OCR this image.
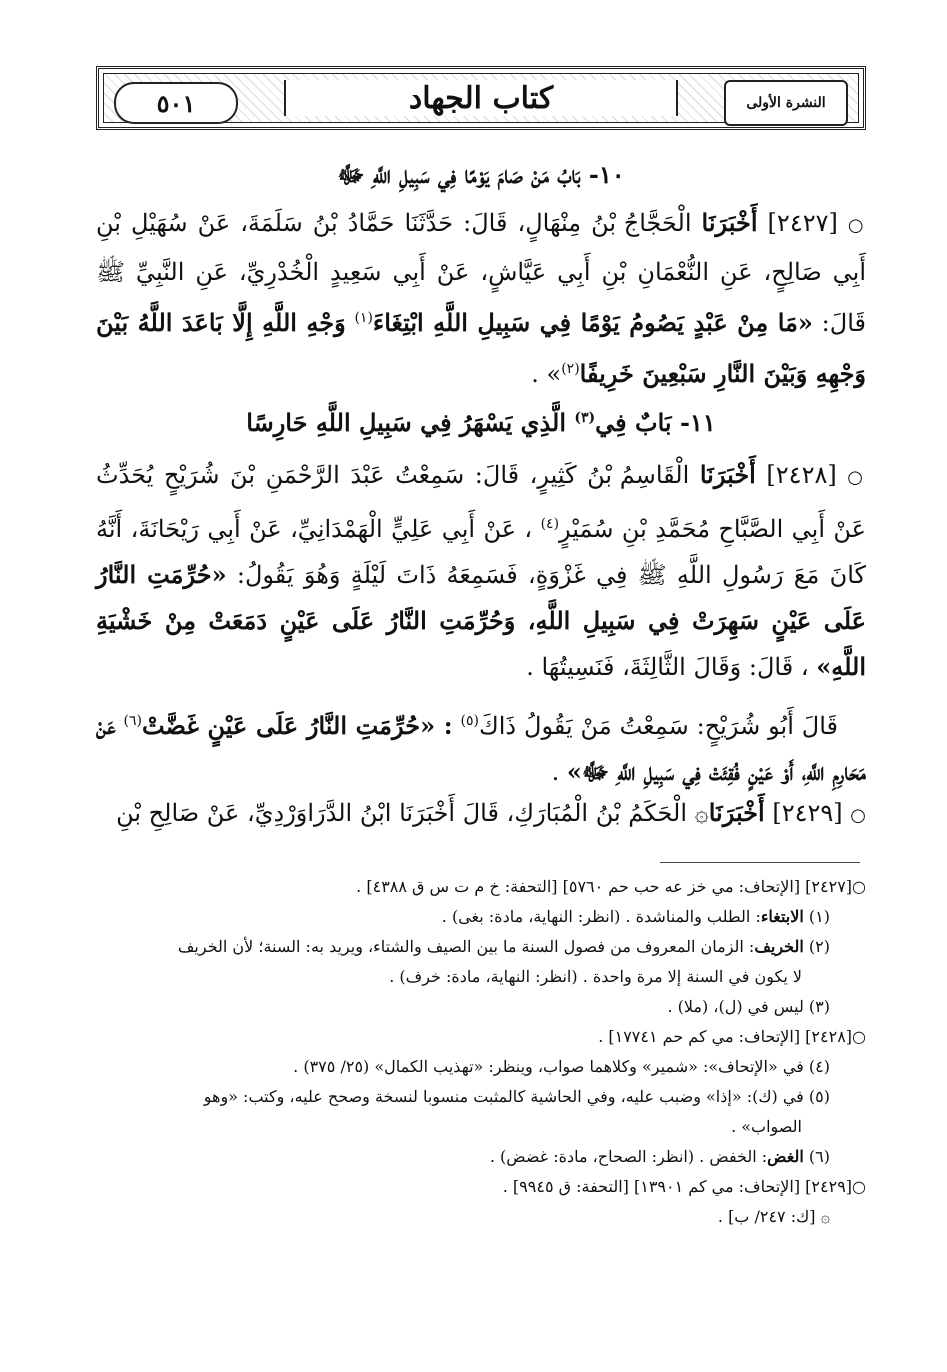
النشرة الأولى
كتاب الجهاد
٥٠١
١٠- بَابُ مَنْ صَامَ يَوْمًا فِي سَبِيلِ اللَّهِ ﷻ

○ [٢٤٢٧] أَخْبَرَنَا الْحَجَّاجُ بْنُ مِنْهَالٍ، قَالَ: حَدَّثَنَا حَمَّادُ بْنُ سَلَمَةَ، عَنْ سُهَيْلِ بْنِ أَبِي صَالِحٍ، عَنِ النُّعْمَانِ بْنِ أَبِي عَيَّاشٍ، عَنْ أَبِي سَعِيدٍ الْخُدْرِيِّ، عَنِ النَّبِيِّ ﷺ قَالَ: «مَا مِنْ عَبْدٍ يَصُومُ يَوْمًا فِي سَبِيلِ اللَّهِ ابْتِغَاءَ$^{(١)}$ وَجْهِ اللَّهِ إِلَّا بَاعَدَ اللَّهُ بَيْنَ وَجْهِهِ وَبَيْنَ النَّارِ سَبْعِينَ خَرِيفًا$^{(٢)}$» .

١١- بَابٌ فِي$^{(٣)}$ الَّذِي يَسْهَرُ فِي سَبِيلِ اللَّهِ حَارِسًا

○ [٢٤٢٨] أَخْبَرَنَا الْقَاسِمُ بْنُ كَثِيرٍ، قَالَ: سَمِعْتُ عَبْدَ الرَّحْمَنِ بْنَ شُرَيْحٍ يُحَدِّثُ عَنْ أَبِي الصَّبَّاحِ مُحَمَّدِ بْنِ سُمَيْرٍ$^{(٤)}$ ، عَنْ أَبِي عَلِيٍّ الْهَمْدَانِيِّ، عَنْ أَبِي رَيْحَانَةَ، أَنَّهُ كَانَ مَعَ رَسُولِ اللَّهِ ﷺ فِي غَزْوَةٍ، فَسَمِعَهُ ذَاتَ لَيْلَةٍ وَهُوَ يَقُولُ: «حُرِّمَتِ النَّارُ عَلَى عَيْنٍ سَهِرَتْ فِي سَبِيلِ اللَّهِ، وَحُرِّمَتِ النَّارُ عَلَى عَيْنٍ دَمَعَتْ مِنْ خَشْيَةِ اللَّهِ» ، قَالَ: وَقَالَ الثَّالِثَةَ، فَنَسِيتُهَا .

قَالَ أَبُو شُرَيْحٍ: سَمِعْتُ مَنْ يَقُولُ ذَاكَ$^{(٥)}$ : «حُرِّمَتِ النَّارُ عَلَى عَيْنٍ غَضَّتْ$^{(٦)}$ عَنْ مَحَارِمِ اللَّهِ، أَوْ عَيْنٍ فُقِئَتْ فِي سَبِيلِ اللَّهِ ﷻ» .

○ [٢٤٢٩] أَخْبَرَنَا۞ الْحَكَمُ بْنُ الْمُبَارَكِ، قَالَ أَخْبَرَنَا ابْنُ الدَّرَاوَرْدِيِّ، عَنْ صَالِحِ بْنِ

○[٢٤٢٧] [الإتحاف: مي خز عه حب حم ٥٧٦٠] [التحفة: خ م ت س ق ٤٣٨٨] .

(١) الابتغاء: الطلب والمناشدة . (انظر: النهاية، مادة: بغى) .

(٢) الخريف: الزمان المعروف من فصول السنة ما بين الصيف والشتاء، ويريد به: السنة؛ لأن الخريف

لا يكون في السنة إلا مرة واحدة . (انظر: النهاية، مادة: خرف) .

(٣) ليس في (ل)، (ملا) .

○[٢٤٢٨] [الإتحاف: مي كم حم ١٧٧٤١] .

(٤) في «الإتحاف»: «شمير» وكلاهما صواب، وينظر: «تهذيب الكمال» (٢٥/ ٣٧٥) .

(٥) في (ك): «إذا» وضبب عليه، وفي الحاشية كالمثبت منسوبا لنسخة وصحح عليه، وكتب: «وهو

الصواب» .

(٦) الغض: الخفض . (انظر: الصحاح، مادة: غضض) .

○[٢٤٢٩] [الإتحاف: مي كم ١٣٩٠١] [التحفة: ق ٩٩٤٥] .

۞ [ك: ٢٤٧/ ب] .
